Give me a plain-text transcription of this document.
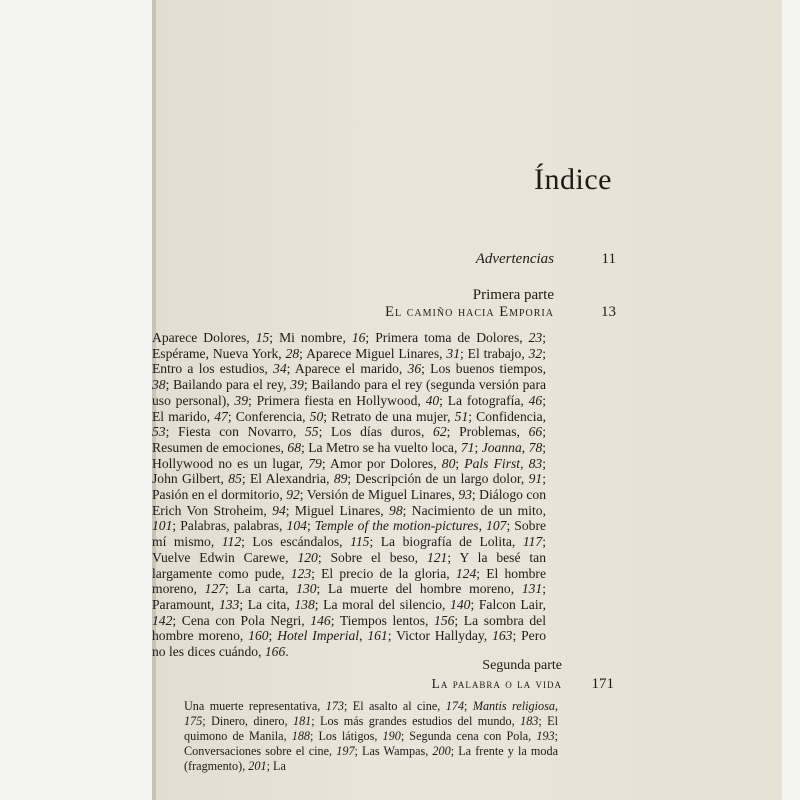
Índice
Advertencias	11
Primera parte
El camiño hacia Emporia	13

Aparece Dolores, 15; Mi nombre, 16; Primera toma de Dolores, 23; Espérame, Nueva York, 28; Aparece Miguel Linares, 31; El trabajo, 32; Entro a los estudios, 34; Aparece el marido, 36; Los buenos tiempos, 38; Bailando para el rey, 39; Bailando para el rey (segunda versión para uso personal), 39; Primera fiesta en Hollywood, 40; La fotografía, 46; El marido, 47; Conferencia, 50; Retrato de una mujer, 51; Confidencia, 53; Fiesta con Novarro, 55; Los días duros, 62; Problemas, 66; Resumen de emociones, 68; La Metro se ha vuelto loca, 71; Joanna, 78; Hollywood no es un lugar, 79; Amor por Dolores, 80; Pals First, 83; John Gilbert, 85; El Alexandria, 89; Descripción de un largo dolor, 91; Pasión en el dormitorio, 92; Versión de Miguel Linares, 93; Diálogo con Erich Von Stroheim, 94; Miguel Linares, 98; Nacimiento de un mito, 101; Palabras, palabras, 104; Temple of the motion-pictures, 107; Sobre mí mismo, 112; Los escándalos, 115; La biografía de Lolita, 117; Vuelve Edwin Carewe, 120; Sobre el beso, 121; Y la besé tan largamente como pude, 123; El precio de la gloria, 124; El hombre moreno, 127; La carta, 130; La muerte del hombre moreno, 131; Paramount, 133; La cita, 138; La moral del silencio, 140; Falcon Lair, 142; Cena con Pola Negri, 146; Tiempos lentos, 156; La sombra del hombre moreno, 160; Hotel Imperial, 161; Victor Hallyday, 163; Pero no les dices cuándo, 166.

Segunda parte
La palabra o la vida 171

Una muerte representativa, 173; El asalto al cine, 174; Mantis religiosa, 175; Dinero, dinero, 181; Los más grandes estudios del mundo, 183; El quimono de Manila, 188; Los látigos, 190; Segunda cena con Pola, 193; Conversaciones sobre el cine, 197; Las Wampas, 200; La frente y la moda (fragmento), 201; La
